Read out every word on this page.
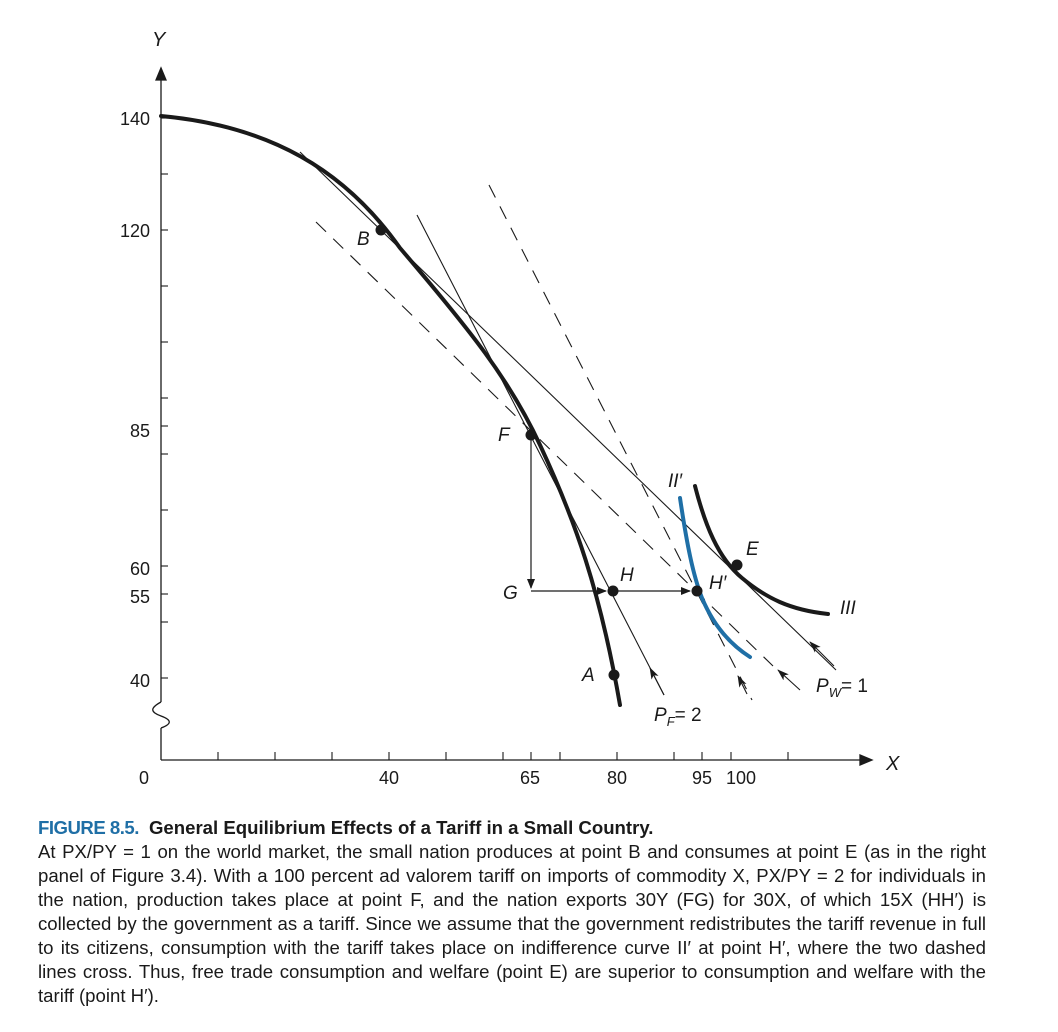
Y
X
0
140
120
85
60
55
40
40	65	80	95 100
B
F
G
H	H′
E
A
II′
III
$P_F= 2$
$P_W= 1$
FIGURE 8.5. General Equilibrium Effects of a Tariff in a Small Country.

At PX/PY = 1 on the world market, the small nation produces at point B and consumes at point E (as in the right panel of Figure 3.4). With a 100 percent ad valorem tariff on imports of commodity X, PX/PY = 2 for individuals in the nation, production takes place at point F, and the nation exports 30Y (FG) for 30X, of which 15X (HH′) is collected by the government as a tariff. Since we assume that the government redistributes the tariff revenue in full to its citizens, consumption with the tariff takes place on indifference curve II′ at point H′, where the two dashed lines cross. Thus, free trade consumption and welfare (point E) are superior to consumption and welfare with the tariff (point H′).
